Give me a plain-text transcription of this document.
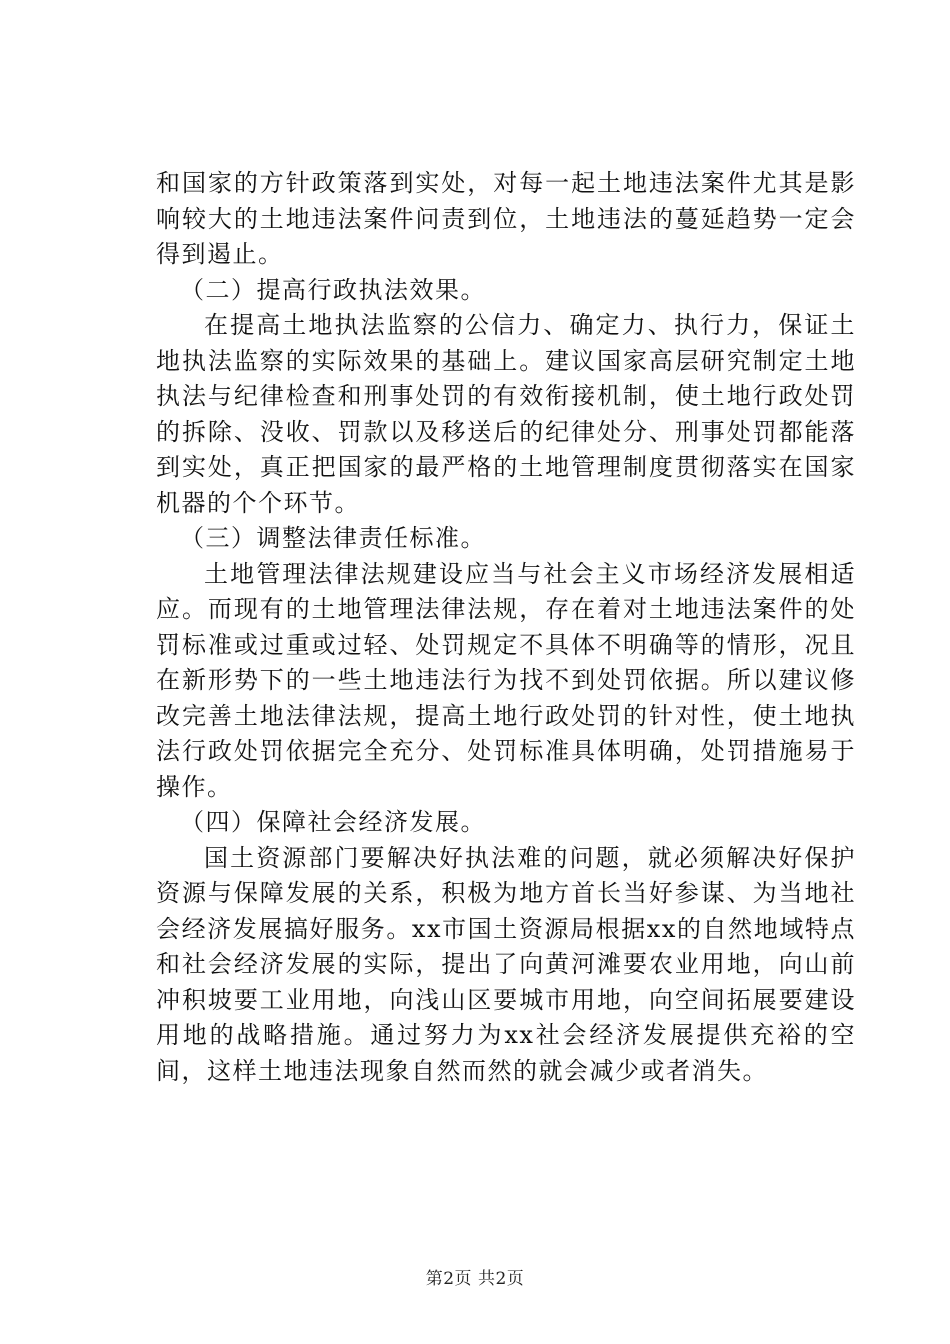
和国家的方针政策落到实处，对每一起土地违法案件尤其是影响较大的土地违法案件问责到位，土地违法的蔓延趋势一定会得到遏止。

（二）提高行政执法效果。

在提高土地执法监察的公信力、确定力、执行力，保证土地执法监察的实际效果的基础上。建议国家高层研究制定土地执法与纪律检查和刑事处罚的有效衔接机制，使土地行政处罚的拆除、没收、罚款以及移送后的纪律处分、刑事处罚都能落到实处，真正把国家的最严格的土地管理制度贯彻落实在国家机器的个个环节。

（三）调整法律责任标准。

土地管理法律法规建设应当与社会主义市场经济发展相适应。而现有的土地管理法律法规，存在着对土地违法案件的处罚标准或过重或过轻、处罚规定不具体不明确等的情形，况且在新形势下的一些土地违法行为找不到处罚依据。所以建议修改完善土地法律法规，提高土地行政处罚的针对性，使土地执法行政处罚依据完全充分、处罚标准具体明确，处罚措施易于操作。

（四）保障社会经济发展。

国土资源部门要解决好执法难的问题，就必须解决好保护资源与保障发展的关系，积极为地方首长当好参谋、为当地社会经济发展搞好服务。xx市国土资源局根据xx的自然地域特点和社会经济发展的实际，提出了向黄河滩要农业用地，向山前冲积坡要工业用地，向浅山区要城市用地，向空间拓展要建设用地的战略措施。通过努力为xx社会经济发展提供充裕的空间，这样土地违法现象自然而然的就会减少或者消失。

第2页 共2页
